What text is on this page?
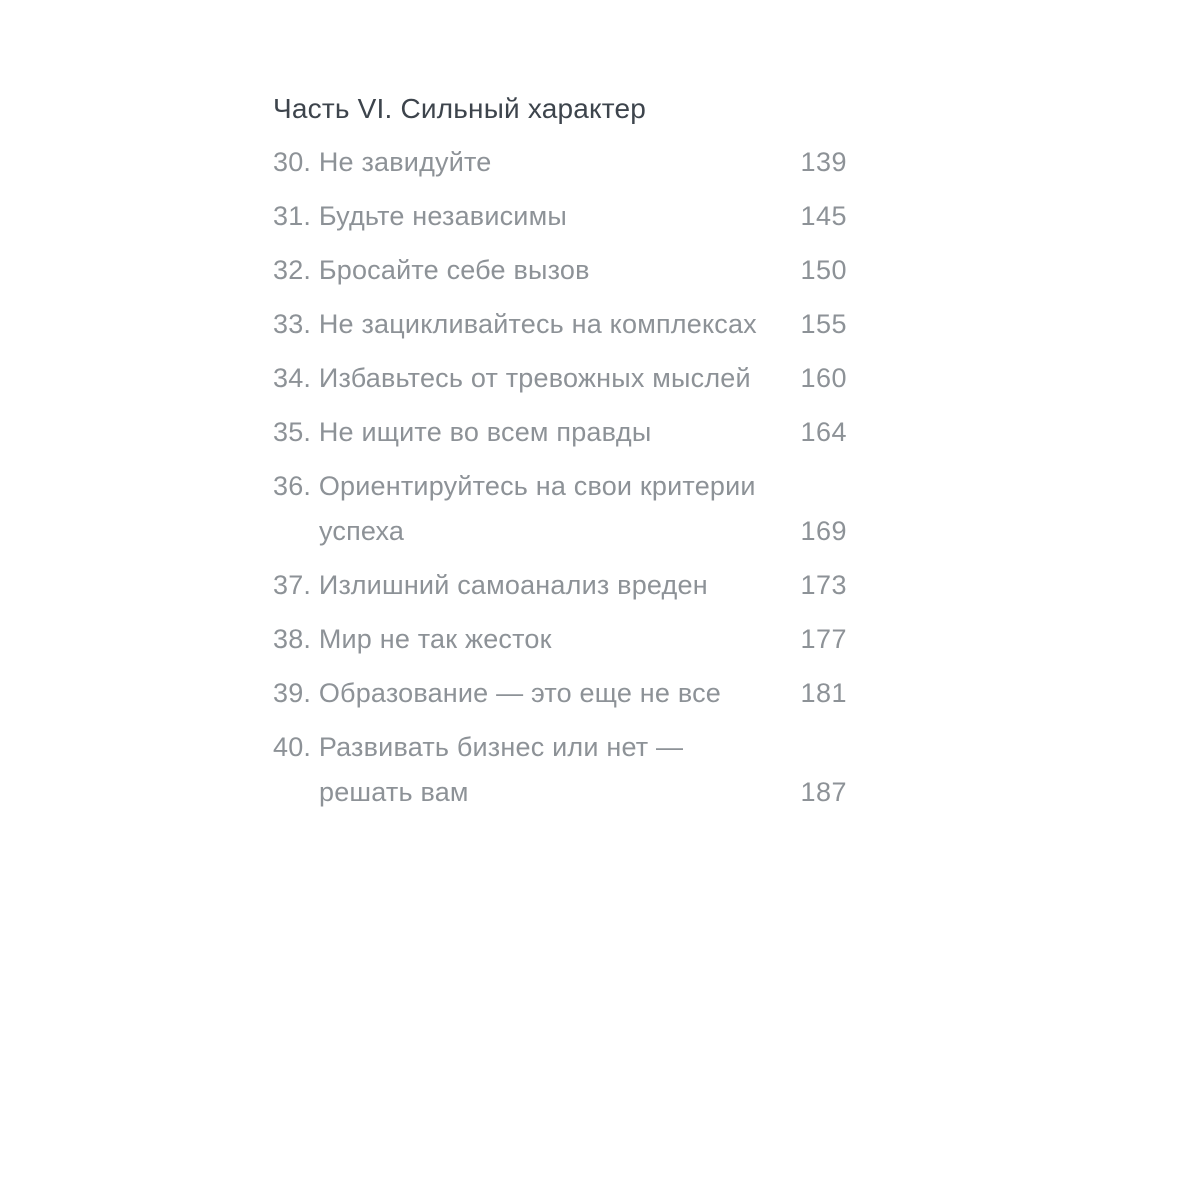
Часть VI. Сильный характер
30. Не завидуйте	139
31. Будьте независимы	145
32. Бросайте себе вызов	150
33. Не зацикливайтесь на комплексах	155
34. Избавьтесь от тревожных мыслей	160
35. Не ищите во всем правды	164
36. Ориентируйтесь на свои критерии
успеха	169
37. Излишний самоанализ вреден	173
38. Мир не так жесток	177
39. Образование — это еще не все	181
40. Развивать бизнес или нет —
решать вам	187
